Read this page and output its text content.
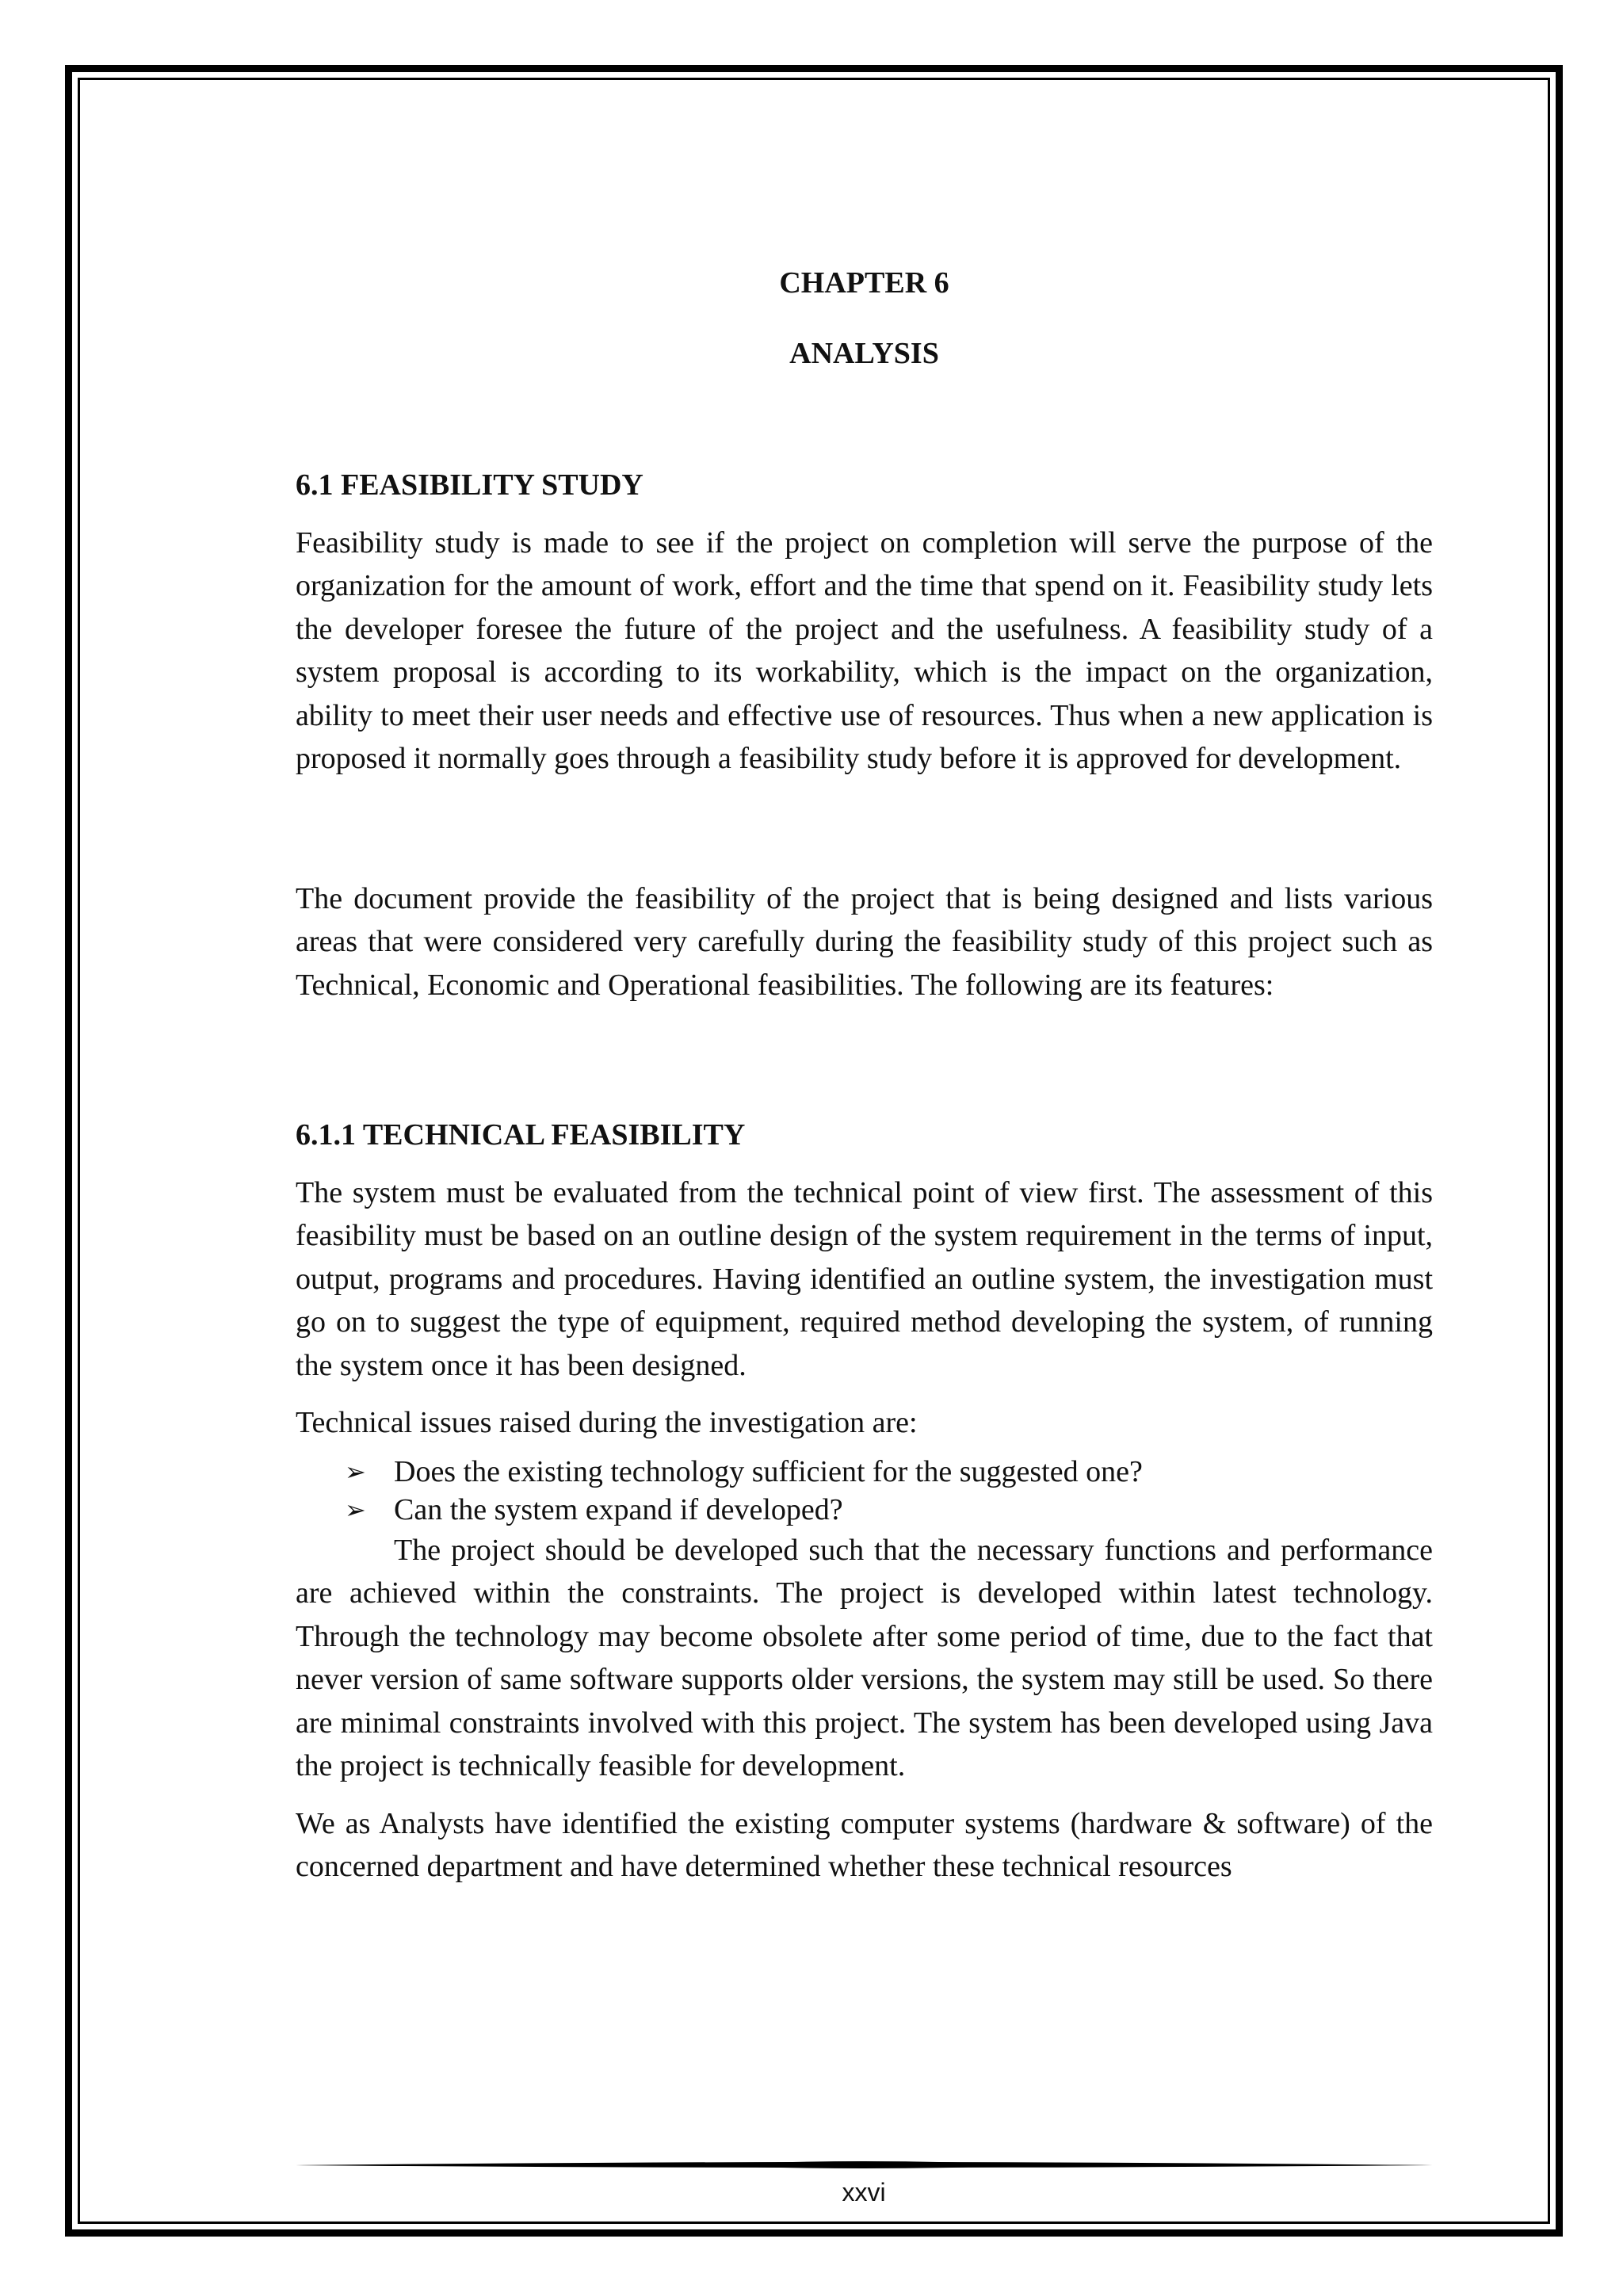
CHAPTER 6
ANALYSIS
6.1 FEASIBILITY STUDY

Feasibility study is made to see if the project on completion will serve the purpose of the organization for the amount of work, effort and the time that spend on it. Feasibility study lets the developer foresee the future of the project and the usefulness. A feasibility study of a system proposal is according to its workability, which is the impact on the organization, ability to meet their user needs and effective use of resources. Thus when a new application is proposed it normally goes through a feasibility study before it is approved for development.

The document provide the feasibility of the project that is being designed and lists various areas that were considered very carefully during the feasibility study of this project such as Technical, Economic and Operational feasibilities. The following are its features:

6.1.1 TECHNICAL FEASIBILITY

The system must be evaluated from the technical point of view first. The assessment of this feasibility must be based on an outline design of the system requirement in the terms of input, output, programs and procedures. Having identified an outline system, the investigation must go on to suggest the type of equipment, required method developing the system, of running the system once it has been designed.

Technical issues raised during the investigation are:

➢ Does the existing technology sufficient for the suggested one?
➢ Can the system expand if developed?

The project should be developed such that the necessary functions and performance are achieved within the constraints. The project is developed within latest technology. Through the technology may become obsolete after some period of time, due to the fact that never version of same software supports older versions, the system may still be used. So there are minimal constraints involved with this project. The system has been developed using Java the project is technically feasible for development.

We as Analysts have identified the existing computer systems (hardware & software) of the concerned department and have determined whether these technical resources

xxvi
